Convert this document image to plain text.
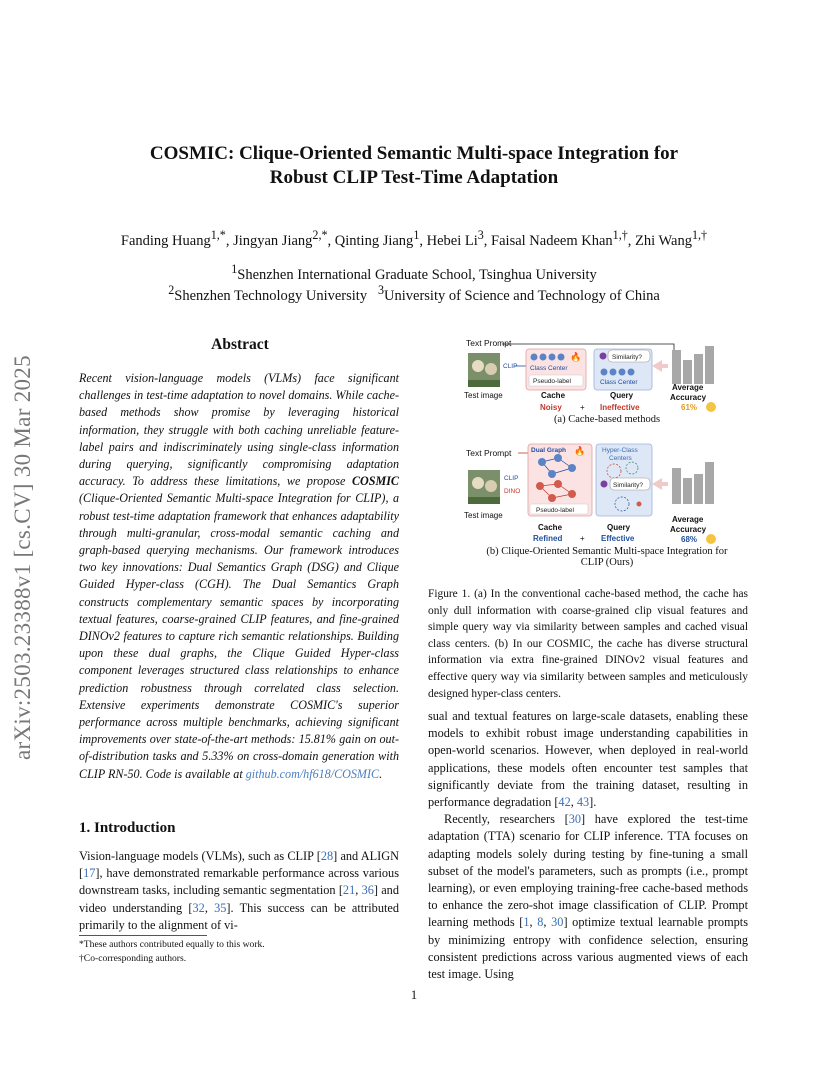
arXiv:2503.23388v1 [cs.CV] 30 Mar 2025
COSMIC: Clique-Oriented Semantic Multi-space Integration for
Robust CLIP Test-Time Adaptation
Fanding Huang$^{1,*}$, Jingyan Jiang$^{2,*}$, Qinting Jiang$^1$, Hebei Li$^3$, Faisal Nadeem Khan$^{1,\dagger}$, Zhi Wang$^{1,\dagger}$
$^1$Shenzhen International Graduate School, Tsinghua University
$^2$Shenzhen Technology University $^3$University of Science and Technology of China
Abstract
Recent vision-language models (VLMs) face significant challenges in test-time adaptation to novel domains. While cache-based methods show promise by leveraging historical information, they struggle with both caching unreliable feature-label pairs and indiscriminately using single-class information during querying, significantly compromising adaptation accuracy. To address these limitations, we propose COSMIC (Clique-Oriented Semantic Multi-space Integration for CLIP), a robust test-time adaptation framework that enhances adaptability through multi-granular, cross-modal semantic caching and graph-based querying mechanisms. Our framework introduces two key innovations: Dual Semantics Graph (DSG) and Clique Guided Hyper-class (CGH). The Dual Semantics Graph constructs complementary semantic spaces by incorporating textual features, coarse-grained CLIP features, and fine-grained DINOv2 features to capture rich semantic relationships. Building upon these dual graphs, the Clique Guided Hyper-class component leverages structured class relationships to enhance prediction robustness through correlated class selection. Extensive experiments demonstrate COSMIC's superior performance across multiple benchmarks, achieving significant improvements over state-of-the-art methods: 15.81% gain on out-of-distribution tasks and 5.33% on cross-domain generation with CLIP RN-50. Code is available at github.com/hf618/COSMIC.
1. Introduction
Vision-language models (VLMs), such as CLIP [28] and ALIGN [17], have demonstrated remarkable performance across various downstream tasks, including semantic segmentation [21, 36] and video understanding [32, 35]. This success can be attributed primarily to the alignment of vi-
*These authors contributed equally to this work.
†Co-corresponding authors.
Text Prompt
CLIP
🔥
Class Center
Pseudo-label
Similarity?
Class Center
Test image	Cache	Query
Noisy + Ineffective
Average
Accuracy
61%
(a) Cache-based methods
Text Prompt
CLIP
DINO
Dual Graph 🔥
Pseudo-label
Hyper-Class
Centers
Similarity?
Test image
Cache	Query
Refined + Effective
Average
Accuracy
68%
(b) Clique-Oriented Semantic Multi-space Integration for
CLIP (Ours)
Figure 1. (a) In the conventional cache-based method, the cache has only dull information with coarse-grained clip visual features and simple query way via similarity between samples and cached visual class centers. (b) In our COSMIC, the cache has diverse structural information via extra fine-grained DINOv2 visual features and effective query way via similarity between samples and meticulously designed hyper-class centers.
sual and textual features on large-scale datasets, enabling these models to exhibit robust image understanding capabilities in open-world scenarios. However, when deployed in real-world applications, these models often encounter test samples that significantly deviate from the training dataset, resulting in performance degradation [42, 43].
Recently, researchers [30] have explored the test-time adaptation (TTA) scenario for CLIP inference. TTA focuses on adapting models solely during testing by fine-tuning a small subset of the model's parameters, such as prompts (i.e., prompt learning), or even employing training-free cache-based methods to enhance the zero-shot image classification of CLIP. Prompt learning methods [1, 8, 30] optimize textual learnable prompts by minimizing entropy with confidence selection, ensuring consistent predictions across various augmented views of each test image. Using
1
